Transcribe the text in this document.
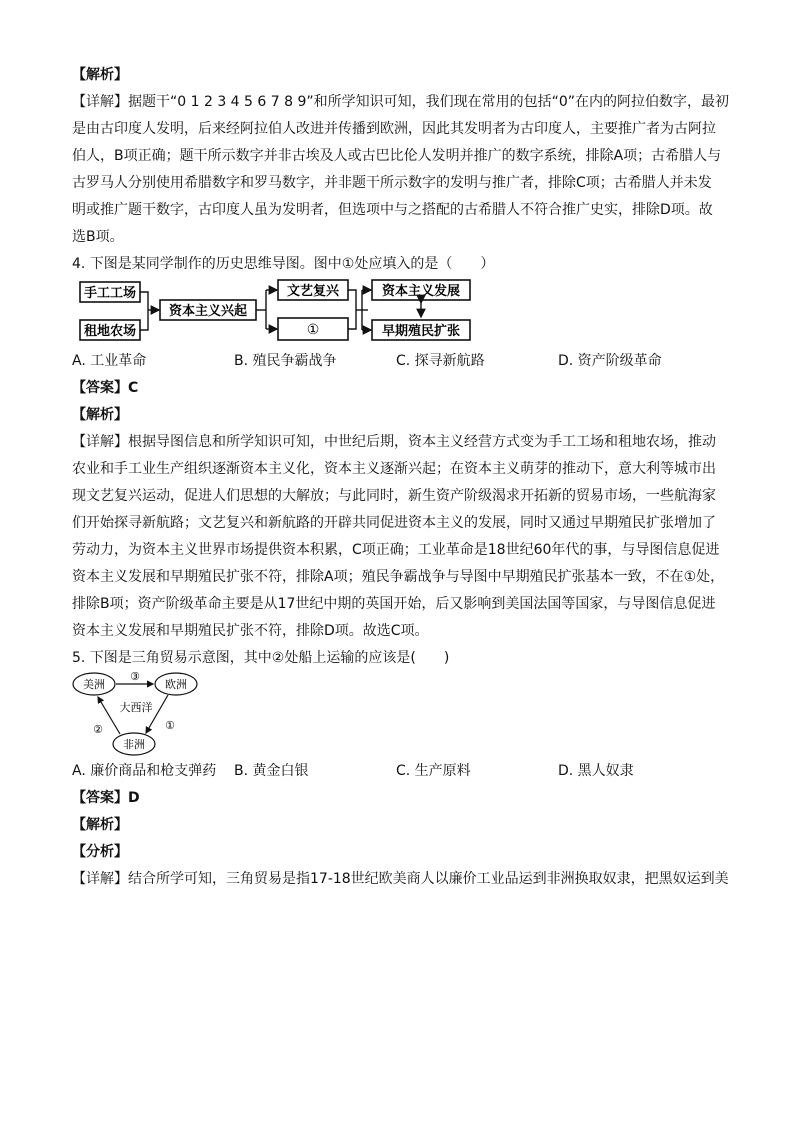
【解析】
【详解】据题干“0 1 2 3 4 5 6 7 8 9”和所学知识可知，我们现在常用的包括“0”在内的阿拉伯数字，最初
是由古印度人发明，后来经阿拉伯人改进并传播到欧洲，因此其发明者为古印度人，主要推广者为古阿拉
伯人，B项正确；题干所示数字并非古埃及人或古巴比伦人发明并推广的数字系统，排除A项；古希腊人与
古罗马人分别使用希腊数字和罗马数字，并非题干所示数字的发明与推广者，排除C项；古希腊人并未发
明或推广题干数字，古印度人虽为发明者，但选项中与之搭配的古希腊人不符合推广史实，排除D项。故
选B项。
4. 下图是某同学制作的历史思维导图。图中①处应填入的是（　　）
手工工场
租地农场
资本主义兴起
文艺复兴
①
资本主义发展
早期殖民扩张
A. 工业革命	B. 殖民争霸战争	C. 探寻新航路	D. 资产阶级革命
【答案】C
【解析】
【详解】根据导图信息和所学知识可知，中世纪后期，资本主义经营方式变为手工工场和租地农场，推动
农业和手工业生产组织逐渐资本主义化，资本主义逐渐兴起；在资本主义萌芽的推动下，意大利等城市出
现文艺复兴运动，促进人们思想的大解放；与此同时，新生资产阶级渴求开拓新的贸易市场，一些航海家
们开始探寻新航路；文艺复兴和新航路的开辟共同促进资本主义的发展，同时又通过早期殖民扩张增加了
劳动力，为资本主义世界市场提供资本积累，C项正确；工业革命是18世纪60年代的事，与导图信息促进
资本主义发展和早期殖民扩张不符，排除A项；殖民争霸战争与导图中早期殖民扩张基本一致，不在①处，
排除B项；资产阶级革命主要是从17世纪中期的英国开始，后又影响到美国法国等国家，与导图信息促进
资本主义发展和早期殖民扩张不符，排除D项。故选C项。
5. 下图是三角贸易示意图，其中②处船上运输的应该是(　　)
美洲	欧洲
非洲
大西洋
③
①
②
A. 廉价商品和枪支弹药	B. 黄金白银	C. 生产原料	D. 黑人奴隶
【答案】D
【解析】
【分析】
【详解】结合所学可知，三角贸易是指17-18世纪欧美商人以廉价工业品运到非洲换取奴隶，把黑奴运到美
